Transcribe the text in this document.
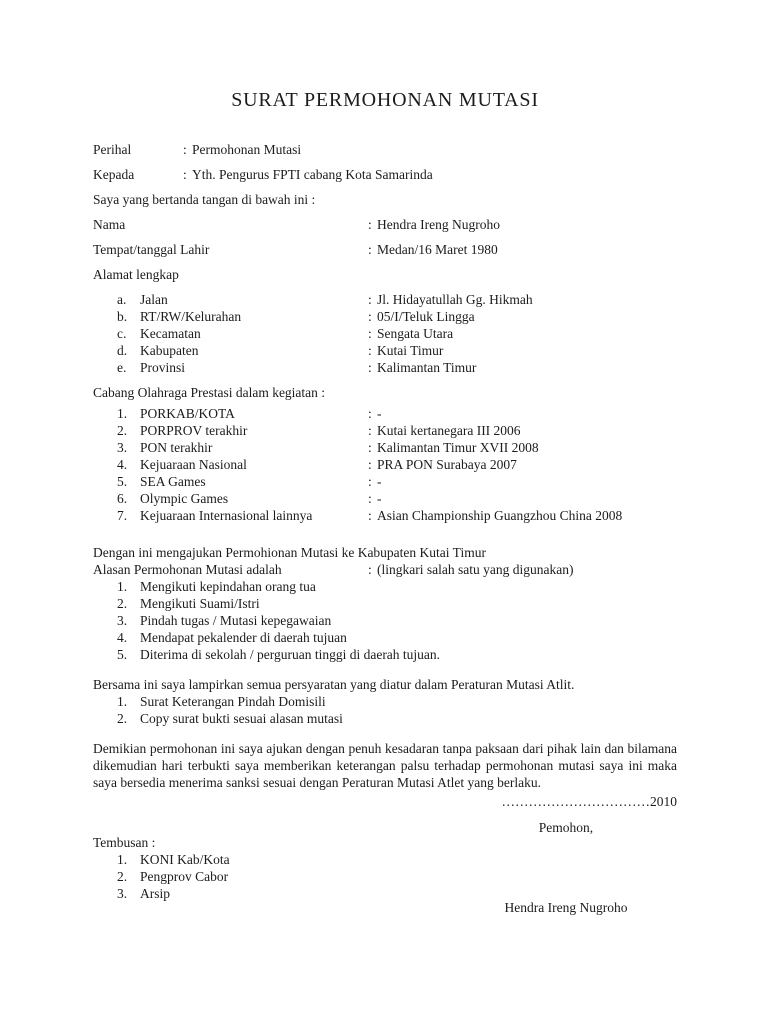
SURAT PERMOHONAN MUTASI
Perihal	: Permohonan Mutasi
Kepada	: Yth. Pengurus FPTI cabang Kota Samarinda
Saya yang bertanda tangan di bawah ini :
Nama	: Hendra Ireng Nugroho
Tempat/tanggal Lahir	: Medan/16 Maret 1980
Alamat lengkap
a.	Jalan	: Jl. Hidayatullah Gg. Hikmah
b. RT/RW/Kelurahan	: 05/I/Teluk Lingga
c.	Kecamatan	: Sengata Utara
d. Kabupaten	: Kutai Timur
e.	Provinsi	: Kalimantan Timur
Cabang Olahraga Prestasi dalam kegiatan :
1. PORKAB/KOTA	: -
2. PORPROV terakhir	: Kutai kertanegara III 2006
3. PON terakhir	: Kalimantan Timur XVII 2008
4. Kejuaraan Nasional	: PRA PON Surabaya 2007
5. SEA Games	: -
6. Olympic Games	: -
7. Kejuaraan Internasional lainnya	: Asian Championship Guangzhou China 2008
Dengan ini mengajukan Permohionan Mutasi ke Kabupaten Kutai Timur
Alasan Permohonan Mutasi adalah	: (lingkari salah satu yang digunakan)
1. Mengikuti kepindahan orang tua
2. Mengikuti Suami/Istri
3. Pindah tugas / Mutasi kepegawaian
4. Mendapat pekalender di daerah tujuan
5. Diterima di sekolah / perguruan tinggi di daerah tujuan.
Bersama ini saya lampirkan semua persyaratan yang diatur dalam Peraturan Mutasi Atlit.
1. Surat Keterangan Pindah Domisili
2. Copy surat bukti sesuai alasan mutasi

Demikian permohonan ini saya ajukan dengan penuh kesadaran tanpa paksaan dari pihak lain dan bilamana dikemudian hari terbukti saya memberikan keterangan palsu terhadap permohonan mutasi saya ini maka saya bersedia menerima sanksi sesuai dengan Peraturan Mutasi Atlet yang berlaku.

……………………………2010
Pemohon,
Hendra Ireng Nugroho
Tembusan :
1. KONI Kab/Kota
2. Pengprov Cabor
3. Arsip
